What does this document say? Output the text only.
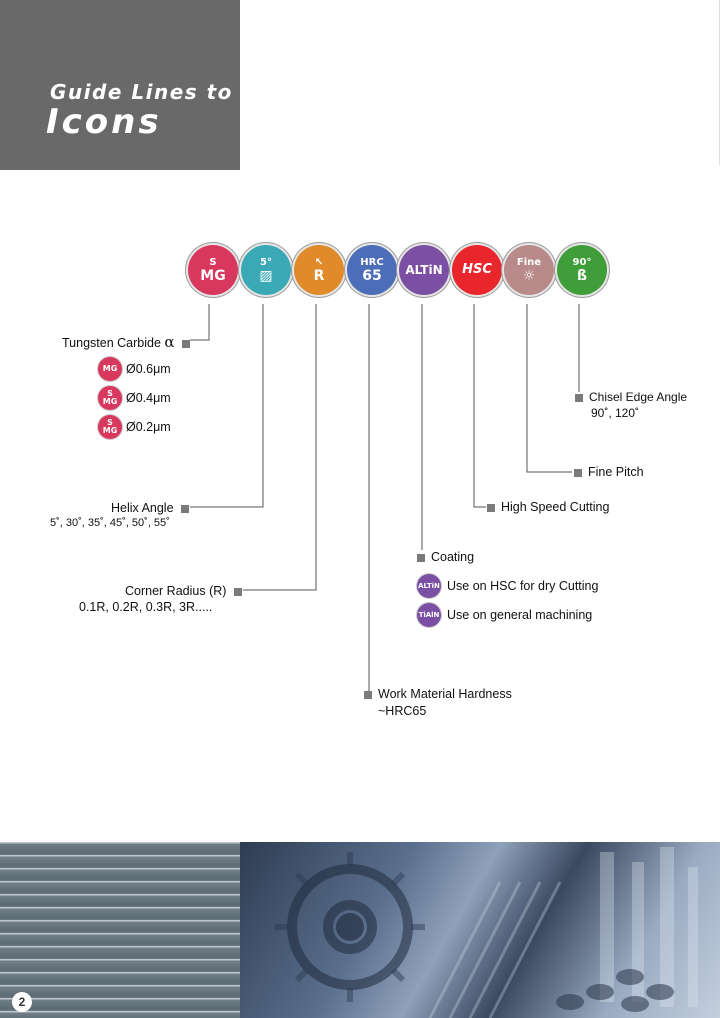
Guide Lines to
Icons
S
MG
5°
▨
↖
R
HRC
65 ALTiN HSC	Fine
☼
90°
ß
Tungsten Carbide α
MG Ø0.6μm
S
MG Ø0.4μm
S
MG Ø0.2μm
Helix Angle
5˚, 30˚, 35˚, 45˚, 50˚, 55˚
Corner Radius (R)
0.1R, 0.2R, 0.3R, 3R.....
Work Material Hardness
~HRC65
Coating
ALTiN Use on HSC for dry Cutting
TiAlN Use on general machining
High Speed Cutting
Fine Pitch
Chisel Edge Angle
90˚, 120˚
2
